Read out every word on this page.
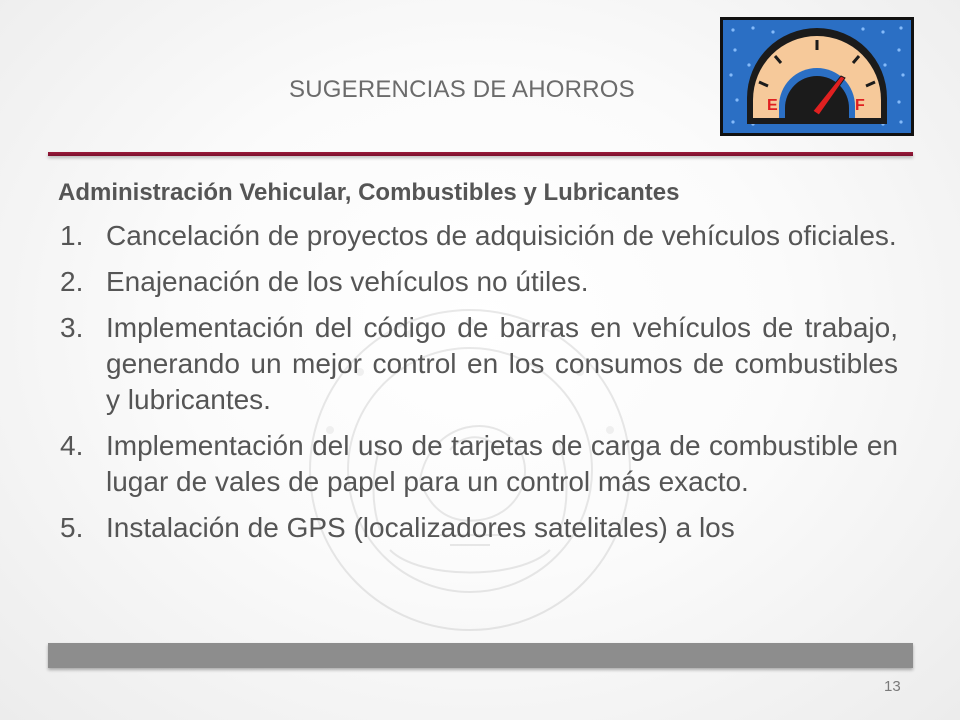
SUGERENCIAS DE AHORROS
E	F
Administración Vehicular, Combustibles y Lubricantes
1. Cancelación de proyectos de adquisición de vehículos oficiales.
2. Enajenación de los vehículos no útiles.
3. Implementación del código de barras en vehículos de trabajo, generando un mejor control en los consumos de combustibles y lubricantes.
4. Implementación del uso de tarjetas de carga de combustible en lugar de vales de papel para un control más exacto.
5. Instalación de GPS (localizadores satelitales) a los
13
